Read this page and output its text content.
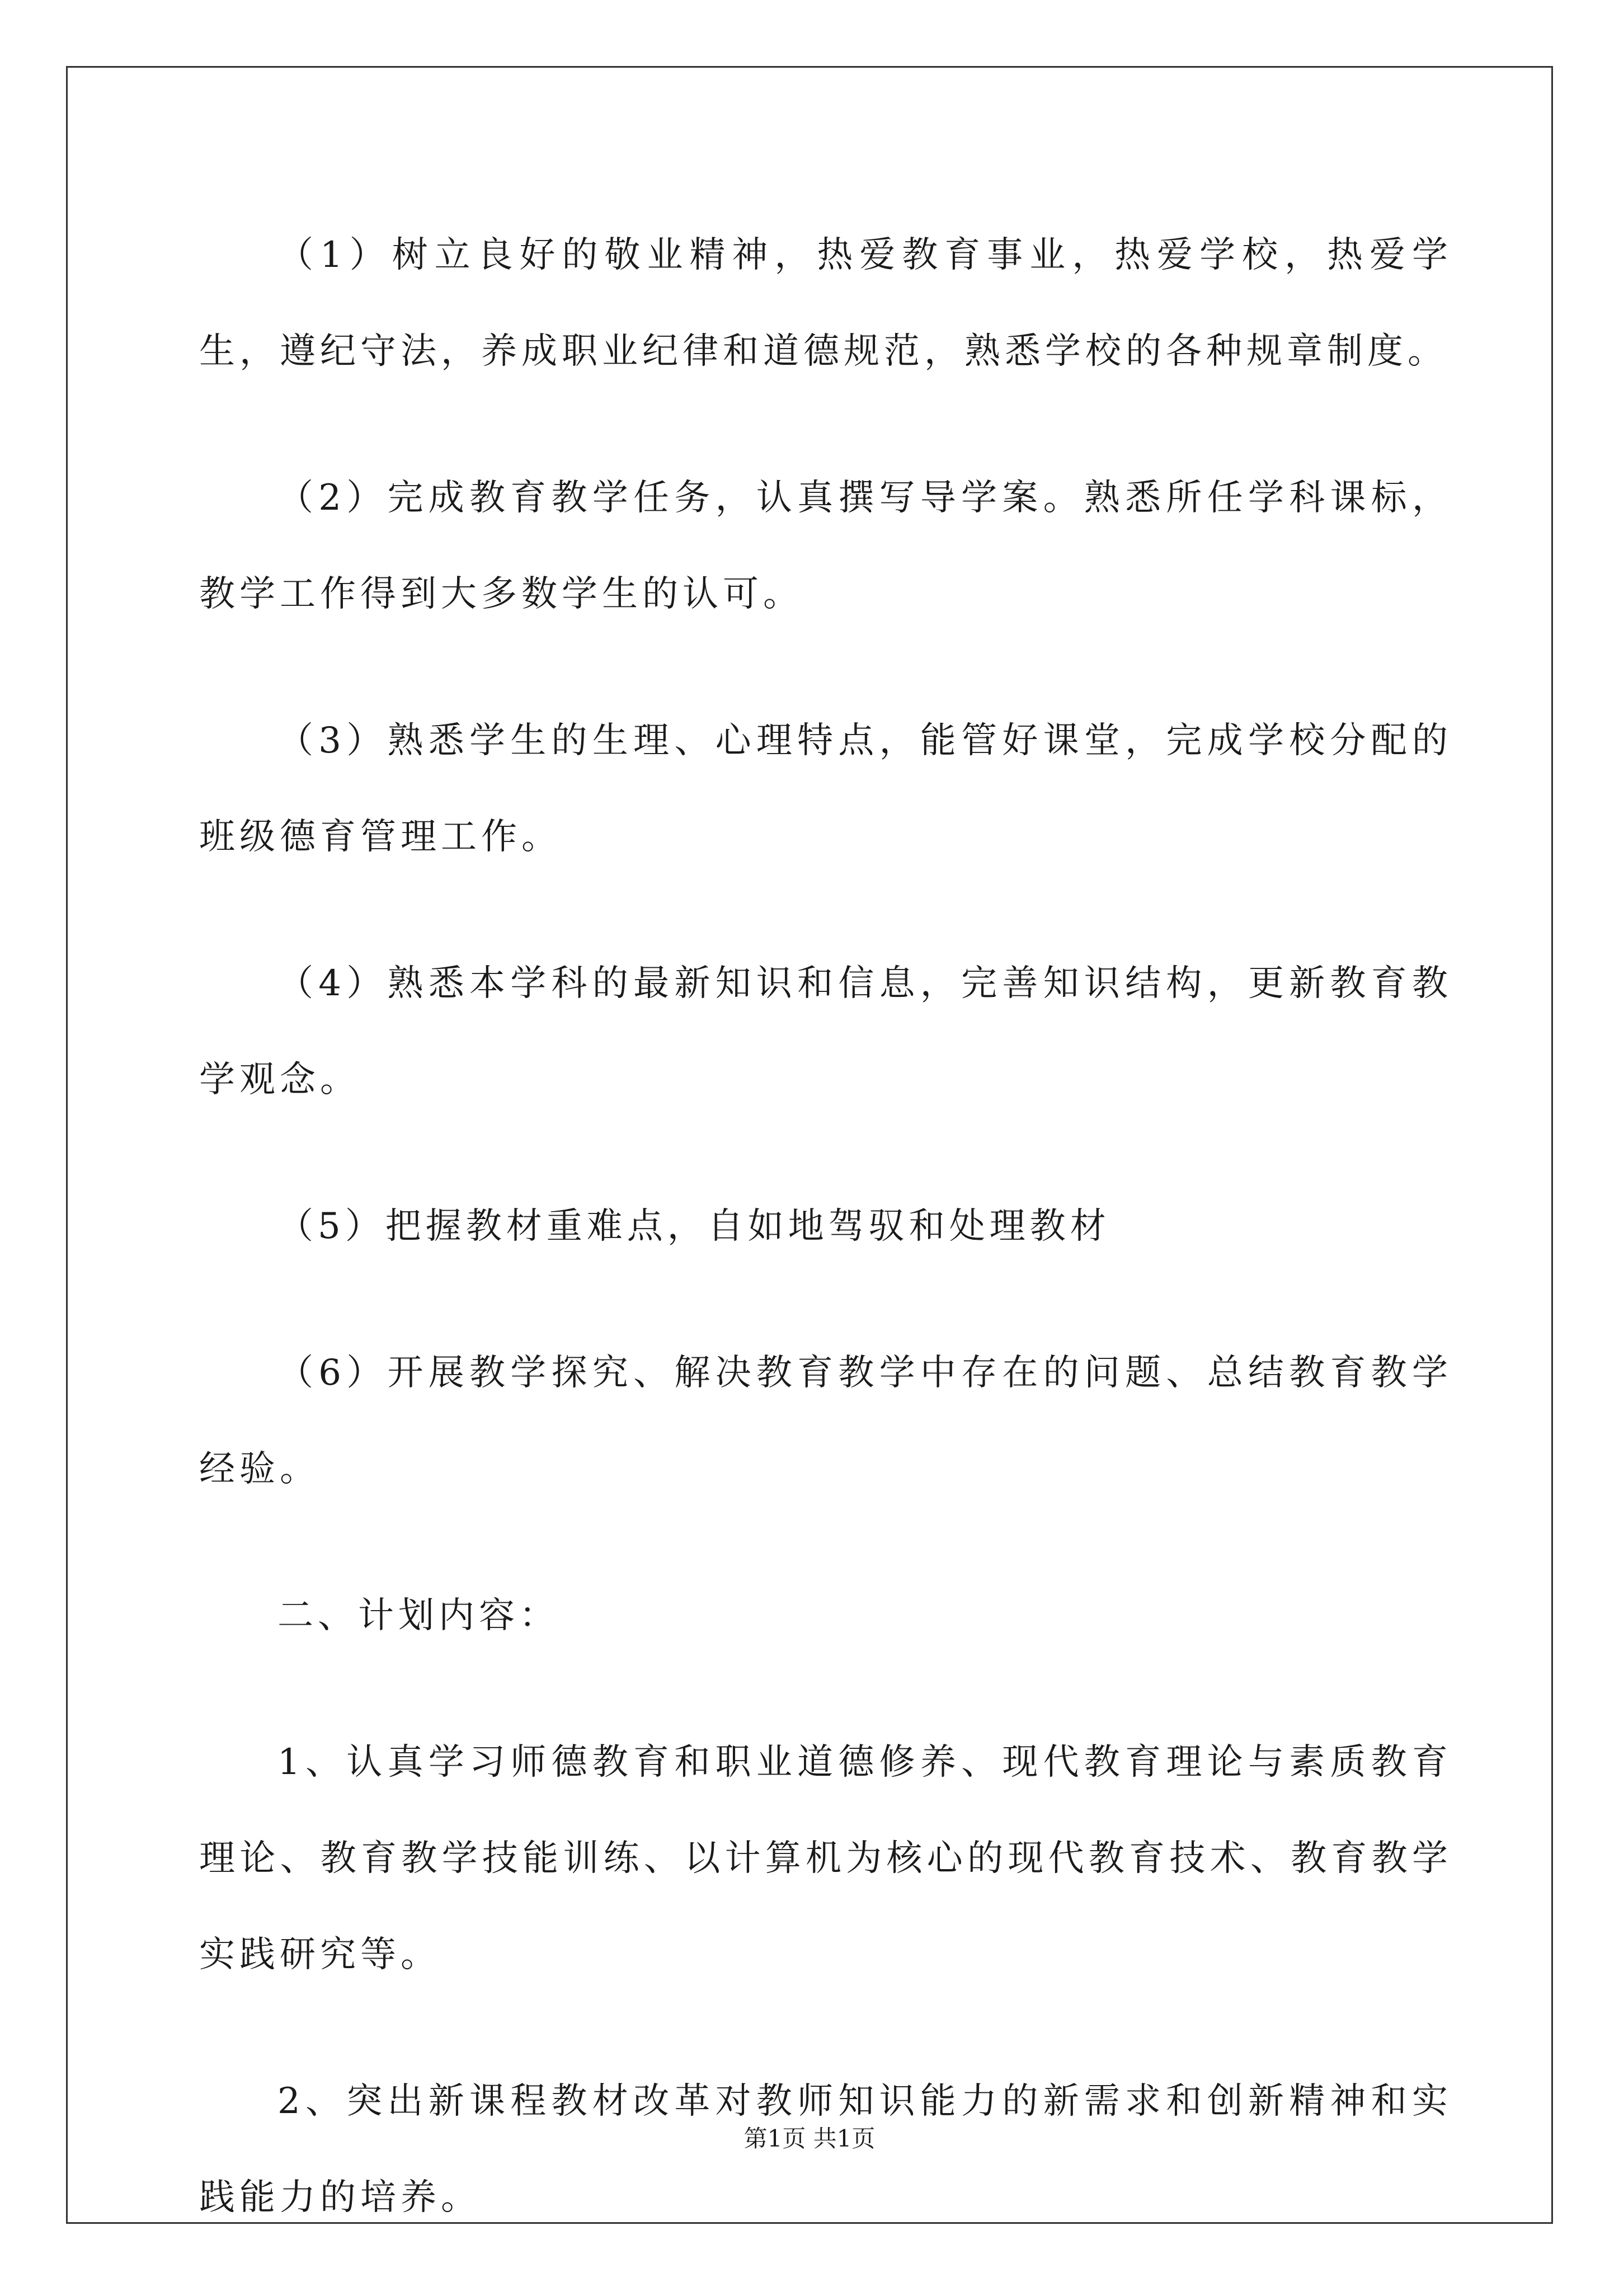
（1）树立良好的敬业精神，热爱教育事业，热爱学校，热爱学生，遵纪守法，养成职业纪律和道德规范，熟悉学校的各种规章制度。

（2）完成教育教学任务，认真撰写导学案。熟悉所任学科课标，教学工作得到大多数学生的认可。

（3）熟悉学生的生理、心理特点，能管好课堂，完成学校分配的班级德育管理工作。

（4）熟悉本学科的最新知识和信息，完善知识结构，更新教育教学观念。

（5）把握教材重难点，自如地驾驭和处理教材

（6）开展教学探究、解决教育教学中存在的问题、总结教育教学经验。

二、计划内容：

1、认真学习师德教育和职业道德修养、现代教育理论与素质教育理论、教育教学技能训练、以计算机为核心的现代教育技术、教育教学实践研究等。

2、突出新课程教材改革对教师知识能力的新需求和创新精神和实践能力的培养。

第1页 共1页
